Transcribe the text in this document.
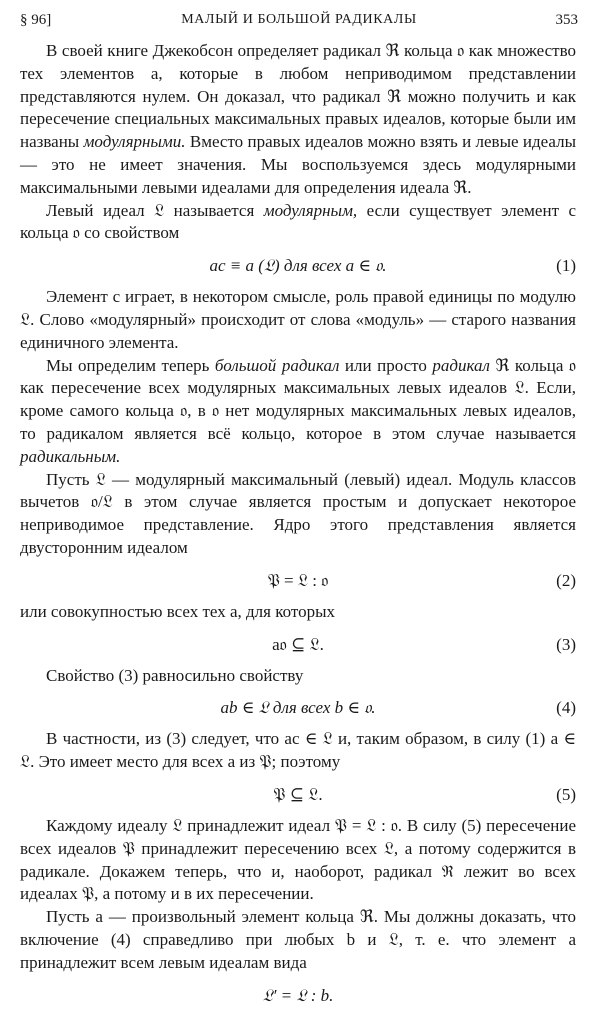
§ 96]	МАЛЫЙ И БОЛЬШОЙ РАДИКАЛЫ	353

В своей книге Джекобсон определяет радикал ℜ кольца 𝔬 как множество тех элементов a, которые в любом неприводимом представлении представляются нулем. Он доказал, что радикал ℜ можно получить и как пересечение специальных максимальных правых идеалов, которые были им названы модулярными. Вместо правых идеалов можно взять и левые идеалы — это не имеет значения. Мы воспользуемся здесь модулярными максимальными левыми идеалами для определения идеала ℜ.

Левый идеал 𝔏 называется модулярным, если существует элемент c кольца 𝔬 со свойством

ac ≡ a (𝔏) для всех a ∈ 𝔬.	(1)

Элемент c играет, в некотором смысле, роль правой единицы по модулю 𝔏. Слово «модулярный» происходит от слова «модуль» — старого названия единичного элемента.

Мы определим теперь большой радикал или просто радикал ℜ кольца 𝔬 как пересечение всех модулярных максимальных левых идеалов 𝔏. Если, кроме самого кольца 𝔬, в 𝔬 нет модулярных максимальных левых идеалов, то радикалом является всё кольцо, которое в этом случае называется радикальным.

Пусть 𝔏 — модулярный максимальный (левый) идеал. Модуль классов вычетов 𝔬/𝔏 в этом случае является простым и допускает некоторое неприводимое представление. Ядро этого представления является двусторонним идеалом

𝔓 = 𝔏 : 𝔬	(2)

или совокупностью всех тех a, для которых

a𝔬 ⊆ 𝔏.	(3)

Свойство (3) равносильно свойству

ab ∈ 𝔏 для всех b ∈ 𝔬.	(4)

В частности, из (3) следует, что ac ∈ 𝔏 и, таким образом, в силу (1) a ∈ 𝔏. Это имеет место для всех a из 𝔓; поэтому

𝔓 ⊆ 𝔏.	(5)

Каждому идеалу 𝔏 принадлежит идеал 𝔓 = 𝔏 : 𝔬. В силу (5) пересечение всех идеалов 𝔓 принадлежит пересечению всех 𝔏, а потому содержится в радикале. Докажем теперь, что и, наоборот, радикал ℜ лежит во всех идеалах 𝔓, а потому и в их пересечении.

Пусть a — произвольный элемент кольца ℜ. Мы должны доказать, что включение (4) справедливо при любых b и 𝔏, т. е. что элемент a принадлежит всем левым идеалам вида

𝔏′ = 𝔏 : b.
